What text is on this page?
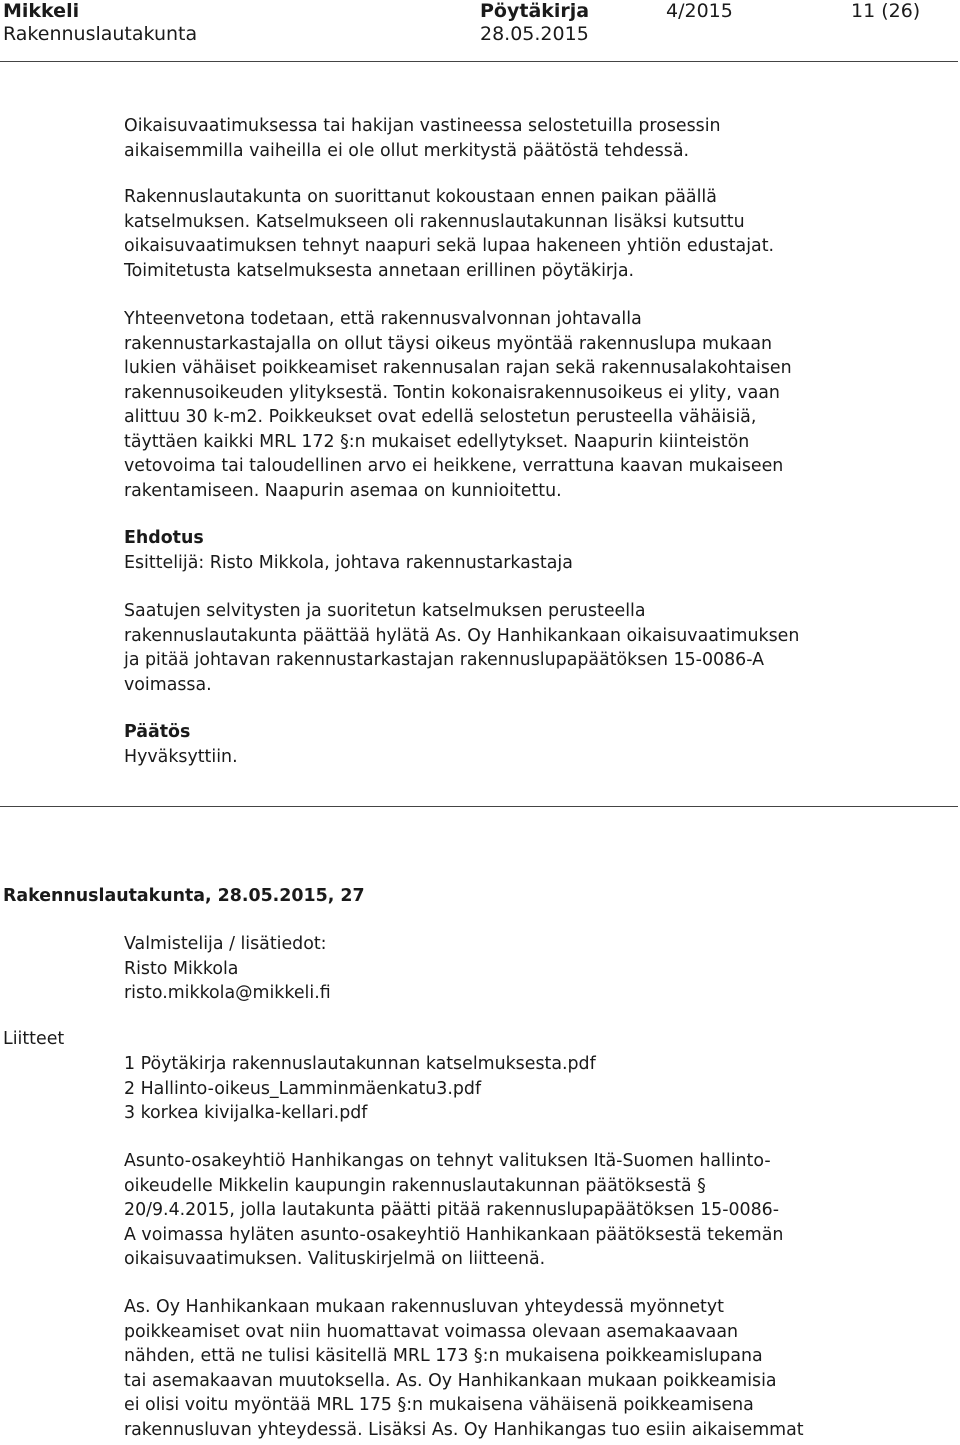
Mikkeli	Pöytäkirja	4/2015	11 (26)
Rakennuslautakunta	28.05.2015

Oikaisuvaatimuksessa tai hakijan vastineessa selostetuilla prosessin
aikaisemmilla vaiheilla ei ole ollut merkitystä päätöstä tehdessä.

Rakennuslautakunta on suorittanut kokoustaan ennen paikan päällä
katselmuksen. Katselmukseen oli rakennuslautakunnan lisäksi kutsuttu
oikaisuvaatimuksen tehnyt naapuri sekä lupaa hakeneen yhtiön edustajat.
Toimitetusta katselmuksesta annetaan erillinen pöytäkirja.

Yhteenvetona todetaan, että rakennusvalvonnan johtavalla
rakennustarkastajalla on ollut täysi oikeus myöntää rakennuslupa mukaan
lukien vähäiset poikkeamiset rakennusalan rajan sekä rakennusalakohtaisen
rakennusoikeuden ylityksestä. Tontin kokonaisrakennusoikeus ei ylity, vaan
alittuu 30 k-m2. Poikkeukset ovat edellä selostetun perusteella vähäisiä,
täyttäen kaikki MRL 172 §:n mukaiset edellytykset. Naapurin kiinteistön
vetovoima tai taloudellinen arvo ei heikkene, verrattuna kaavan mukaiseen
rakentamiseen. Naapurin asemaa on kunnioitettu.

Ehdotus

Esittelijä: Risto Mikkola, johtava rakennustarkastaja

Saatujen selvitysten ja suoritetun katselmuksen perusteella
rakennuslautakunta päättää hylätä As. Oy Hanhikankaan oikaisuvaatimuksen
ja pitää johtavan rakennustarkastajan rakennuslupapäätöksen 15-0086-A
voimassa.

Päätös

Hyväksyttiin.

Rakennuslautakunta, 28.05.2015, 27

Valmistelija / lisätiedot:
Risto Mikkola
risto.mikkola@mikkeli.fi

Liitteet

1 Pöytäkirja rakennuslautakunnan katselmuksesta.pdf
2 Hallinto-oikeus_Lamminmäenkatu3.pdf
3 korkea kivijalka-kellari.pdf

Asunto-osakeyhtiö Hanhikangas on tehnyt valituksen Itä-Suomen hallinto-
oikeudelle Mikkelin kaupungin rakennuslautakunnan päätöksestä §
20/9.4.2015, jolla lautakunta päätti pitää rakennuslupapäätöksen 15-0086-
A voimassa hyläten asunto-osakeyhtiö Hanhikankaan päätöksestä tekemän
oikaisuvaatimuksen. Valituskirjelmä on liitteenä.

As. Oy Hanhikankaan mukaan rakennusluvan yhteydessä myönnetyt
poikkeamiset ovat niin huomattavat voimassa olevaan asemakaavaan
nähden, että ne tulisi käsitellä MRL 173 §:n mukaisena poikkeamislupana
tai asemakaavan muutoksella. As. Oy Hanhikankaan mukaan poikkeamisia
ei olisi voitu myöntää MRL 175 §:n mukaisena vähäisenä poikkeamisena
rakennusluvan yhteydessä. Lisäksi As. Oy Hanhikangas tuo esiin aikaisemmat
